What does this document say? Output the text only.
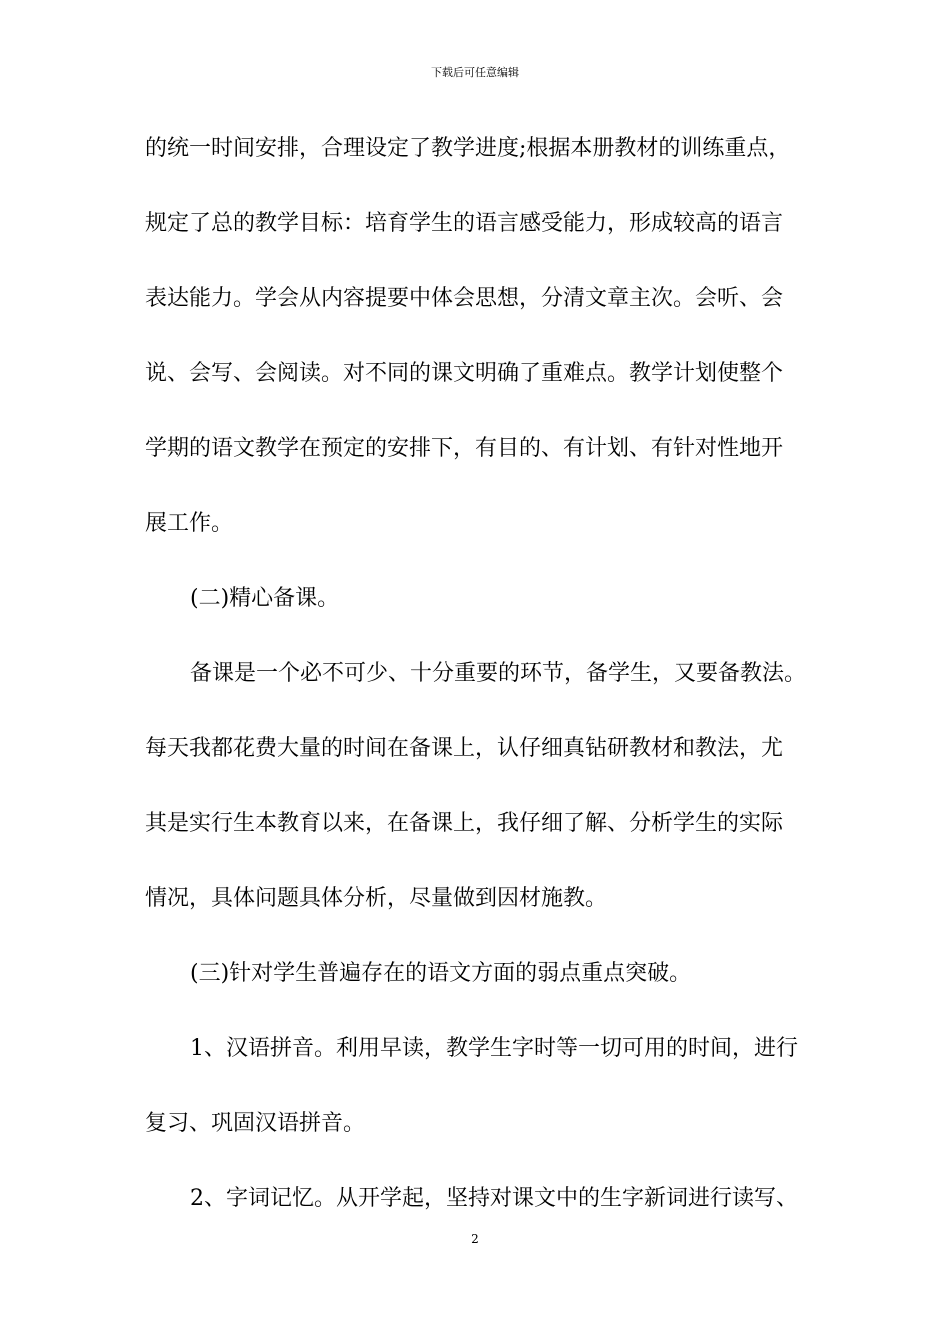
下载后可任意编辑
的统一时间安排，合理设定了教学进度;根据本册教材的训练重点，
规定了总的教学目标：培育学生的语言感受能力，形成较高的语言
表达能力。学会从内容提要中体会思想，分清文章主次。会听、会
说、会写、会阅读。对不同的课文明确了重难点。教学计划使整个
学期的语文教学在预定的安排下，有目的、有计划、有针对性地开
展工作。
(二)精心备课。
备课是一个必不可少、十分重要的环节，备学生，又要备教法。
每天我都花费大量的时间在备课上，认仔细真钻研教材和教法，尤
其是实行生本教育以来，在备课上，我仔细了解、分析学生的实际
情况，具体问题具体分析，尽量做到因材施教。
(三)针对学生普遍存在的语文方面的弱点重点突破。
1、汉语拼音。利用早读，教学生字时等一切可用的时间，进行
复习、巩固汉语拼音。
2、字词记忆。从开学起，坚持对课文中的生字新词进行读写、
2
